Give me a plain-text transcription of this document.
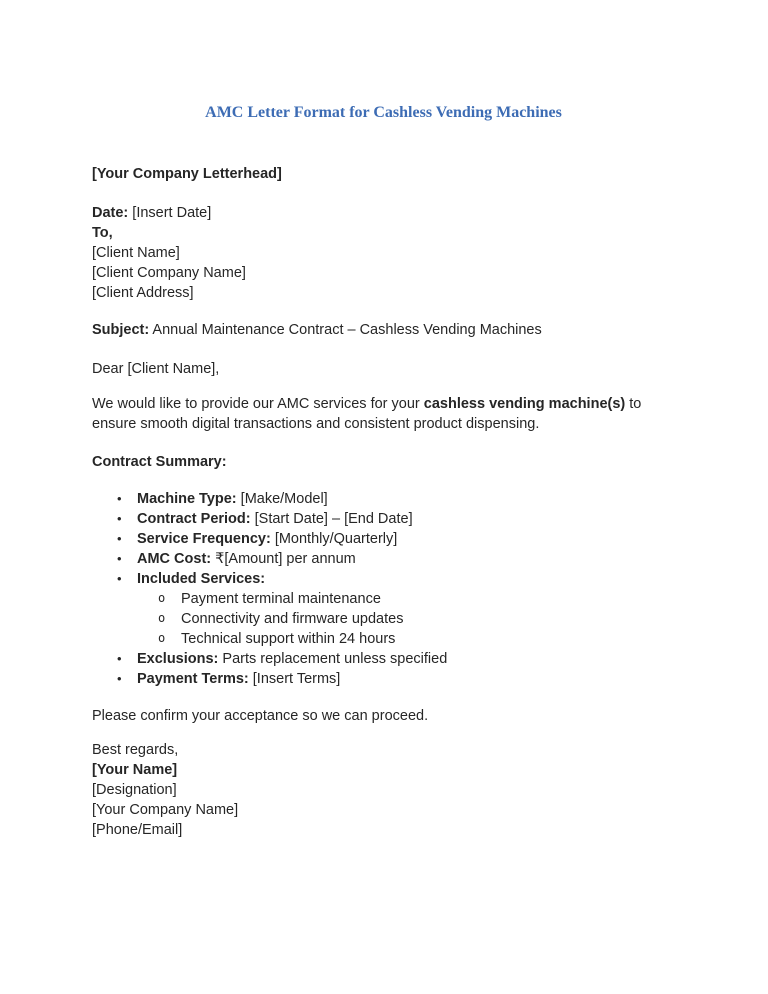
AMC Letter Format for Cashless Vending Machines

[Your Company Letterhead]

Date: [Insert Date]

To,

[Client Name]

[Client Company Name]

[Client Address]

Subject: Annual Maintenance Contract – Cashless Vending Machines

Dear [Client Name],

We would like to provide our AMC services for your cashless vending machine(s) to ensure smooth digital transactions and consistent product dispensing.

Contract Summary:

• Machine Type: [Make/Model]
• Contract Period: [Start Date] – [End Date]
• Service Frequency: [Monthly/Quarterly]
• AMC Cost: ₹[Amount] per annum
• Included Services:
o Payment terminal maintenance
o Connectivity and firmware updates
o Technical support within 24 hours
• Exclusions: Parts replacement unless specified
• Payment Terms: [Insert Terms]

Please confirm your acceptance so we can proceed.

Best regards,

[Your Name]

[Designation]

[Your Company Name]

[Phone/Email]
